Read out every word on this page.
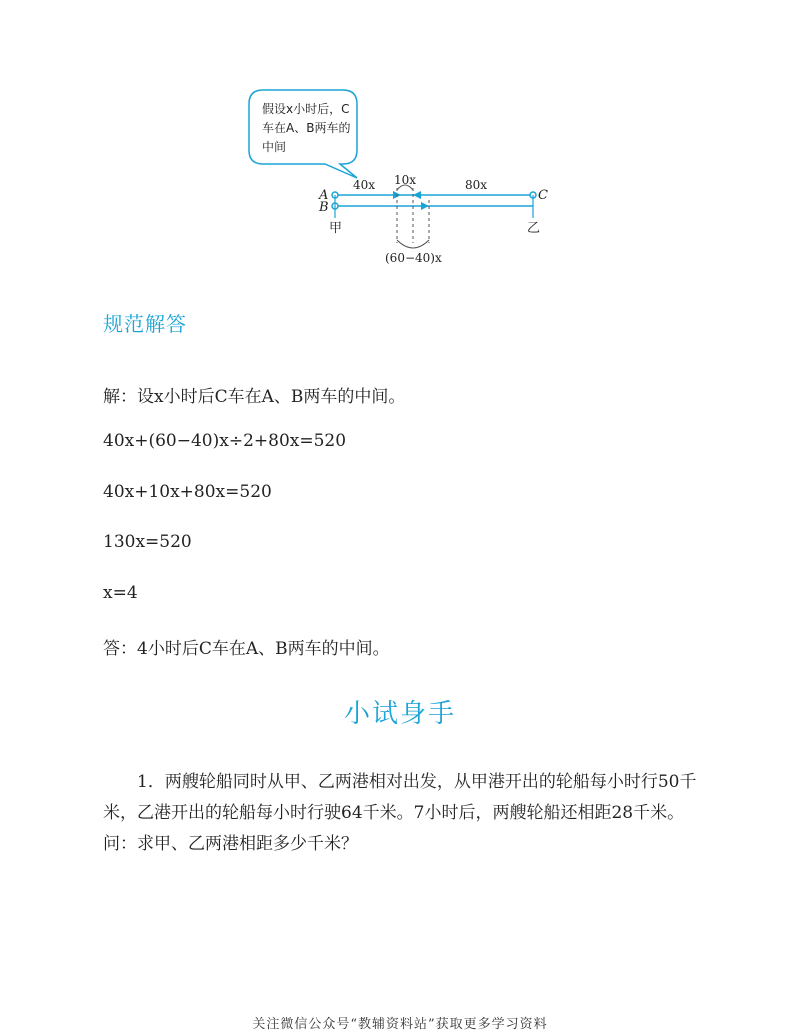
A
B
C
甲	乙
40x 10x	80x
(60−40)x
假设x小时后，C车在A、B两车的中间
规范解答
解：设x小时后C车在A、B两车的中间。
40x+(60−40)x÷2+80x=520
40x+10x+80x=520
130x=520
x=4
答：4小时后C车在A、B两车的中间。
小试身手
1．两艘轮船同时从甲、乙两港相对出发，从甲港开出的轮船每小时行50千米，乙港开出的轮船每小时行驶64千米。7小时后，两艘轮船还相距28千米。问：求甲、乙两港相距多少千米？
关注微信公众号“教辅资料站”获取更多学习资料
